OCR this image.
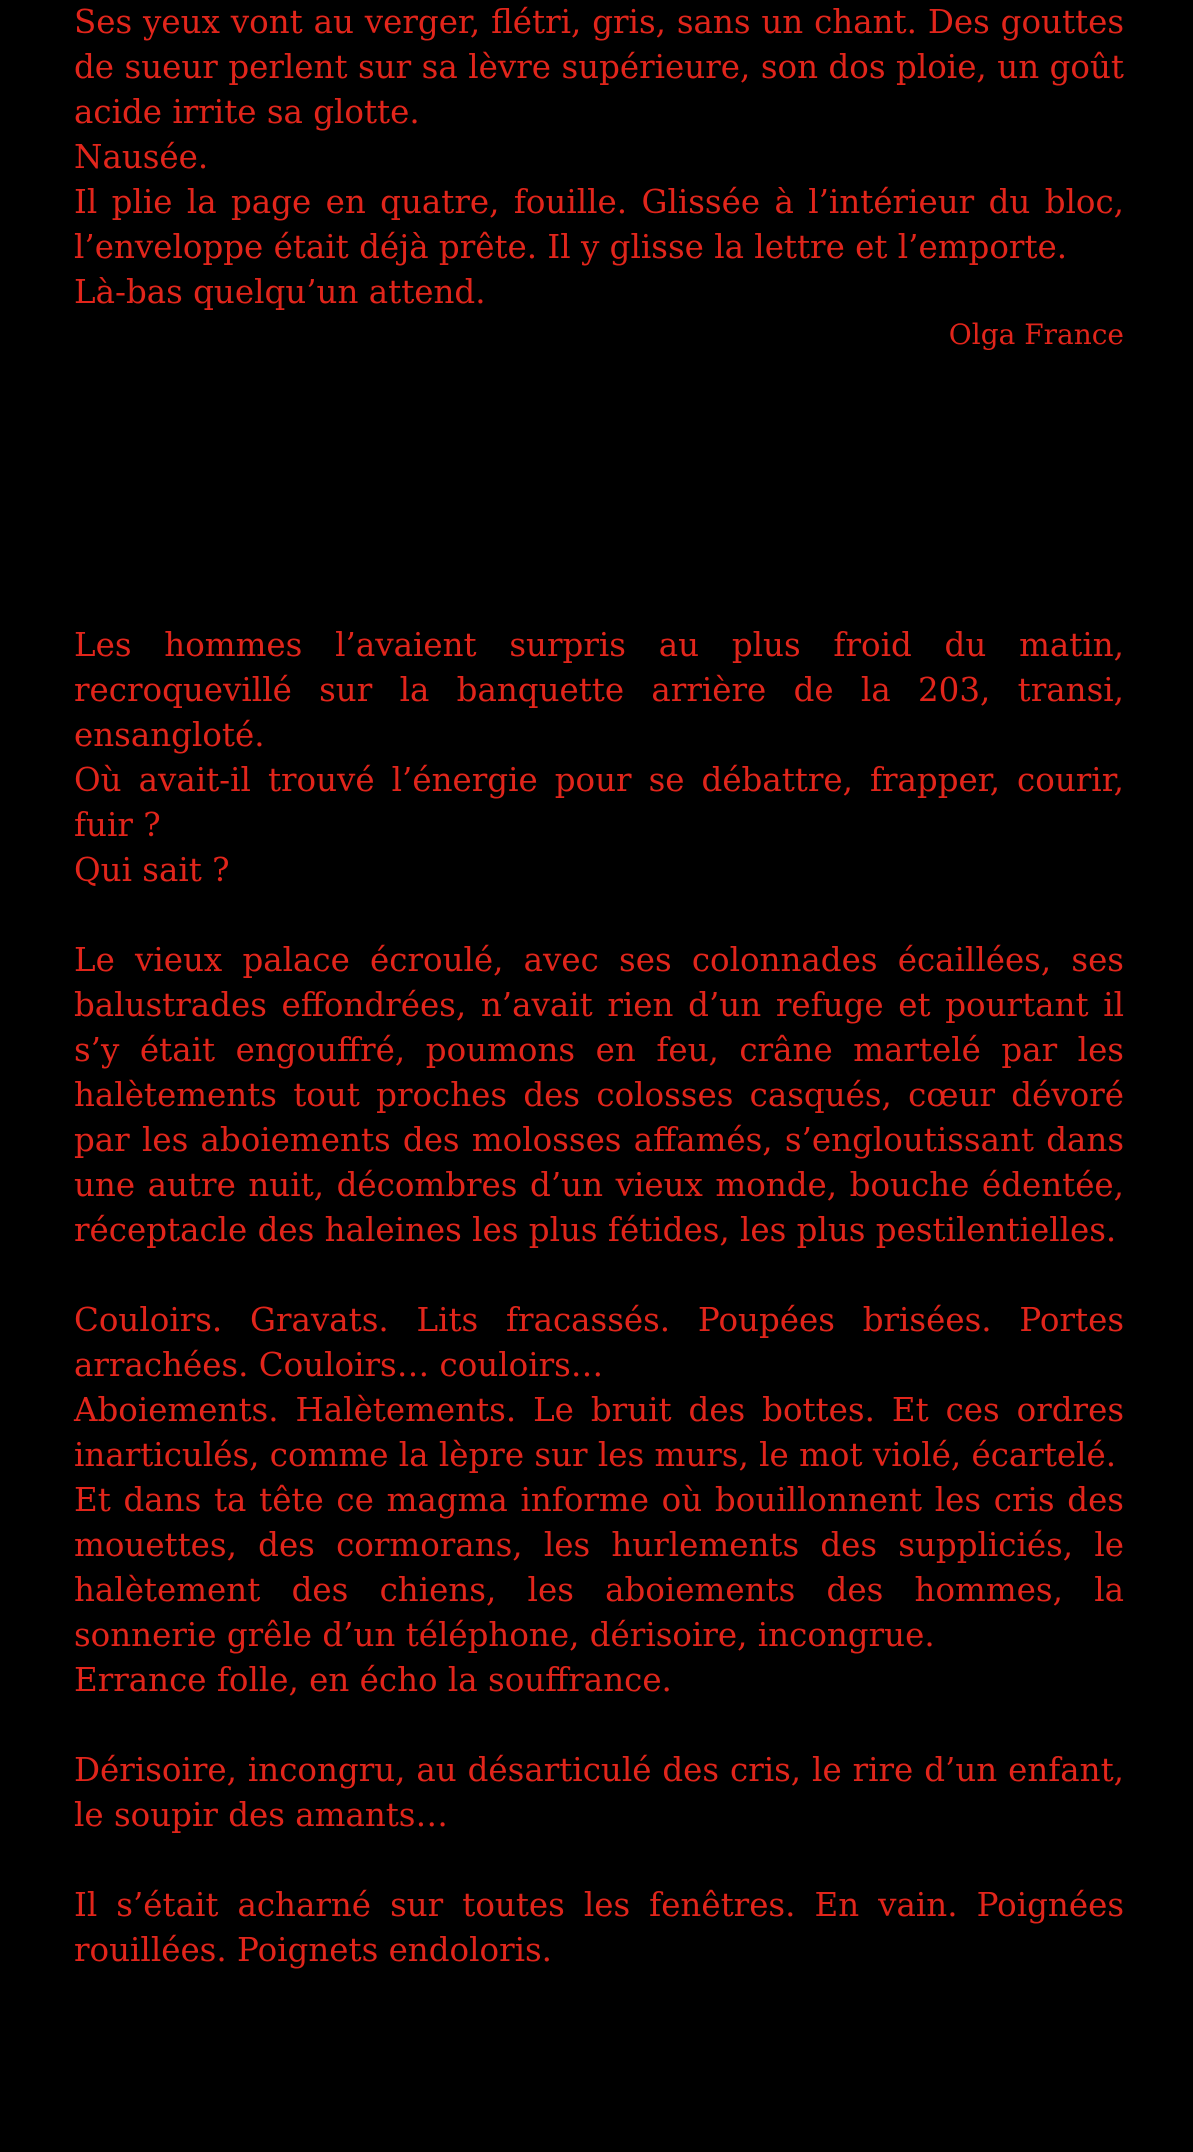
Ses yeux vont au verger, flétri, gris, sans un chant. Des gouttes de sueur perlent sur sa lèvre supérieure, son dos ploie, un goût acide irrite sa glotte.

Nausée.

Il plie la page en quatre, fouille. Glissée à l’intérieur du bloc, l’enveloppe était déjà prête. Il y glisse la lettre et l’emporte.

Là-bas quelqu’un attend.

Olga France

Les hommes l’avaient surpris au plus froid du matin, recroquevillé sur la banquette arrière de la 203, transi, ensangloté.

Où avait-il trouvé l’énergie pour se débattre, frapper, courir, fuir ?

Qui sait ?

Le vieux palace écroulé, avec ses colonnades écaillées, ses balustrades effondrées, n’avait rien d’un refuge et pourtant il s’y était engouffré, poumons en feu, crâne martelé par les halètements tout proches des colosses casqués, cœur dévoré par les aboiements des molosses affamés, s’engloutissant dans une autre nuit, décombres d’un vieux monde, bouche édentée, réceptacle des haleines les plus fétides, les plus pestilentielles.

Couloirs. Gravats. Lits fracassés. Poupées brisées. Portes arrachées. Couloirs… couloirs…

Aboiements. Halètements. Le bruit des bottes. Et ces ordres inarticulés, comme la lèpre sur les murs, le mot violé, écartelé.

Et dans ta tête ce magma informe où bouillonnent les cris des mouettes, des cormorans, les hurlements des suppliciés, le halètement des chiens, les aboiements des hommes, la sonnerie grêle d’un téléphone, dérisoire, incongrue.

Errance folle, en écho la souffrance.

Dérisoire, incongru, au désarticulé des cris, le rire d’un enfant, le soupir des amants…

Il s’était acharné sur toutes les fenêtres. En vain. Poignées rouillées. Poignets endoloris.
